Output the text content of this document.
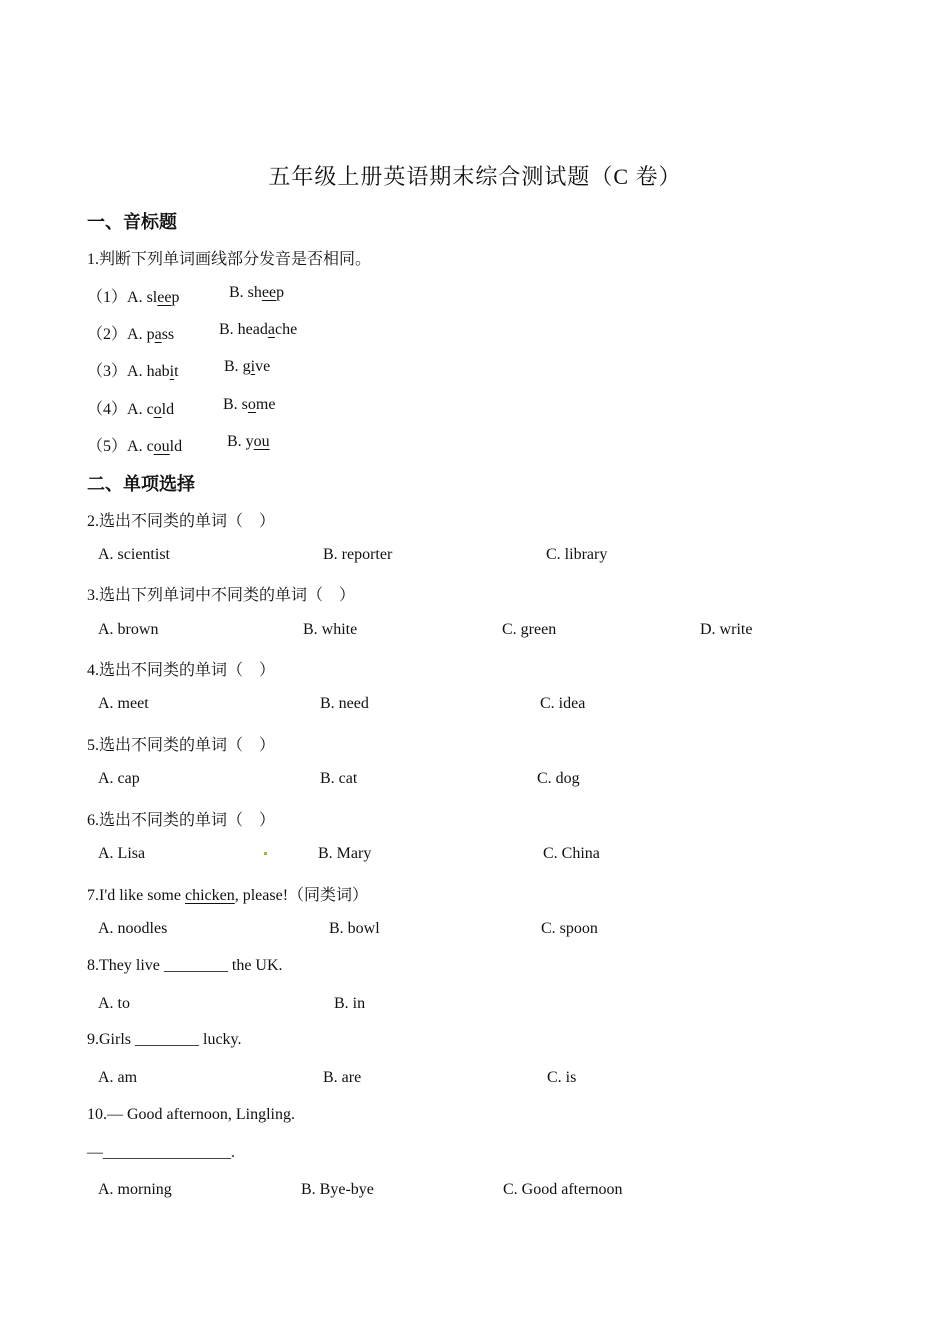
五年级上册英语期末综合测试题（C 卷）
一、音标题
1.判断下列单词画线部分发音是否相同。
（1）A. sleep	B. sheep
（2）A. pass	B. headache
（3）A. habit	B. give
（4）A. cold	B. some
（5）A. could	B. you
二、单项选择
2.选出不同类的单词（　）
A. scientist	B. reporter	C. library
3.选出下列单词中不同类的单词（　）
A. brown	B. white	C. green	D. write
4.选出不同类的单词（　）
A. meet	B. need	C. idea
5.选出不同类的单词（　）
A. cap	B. cat	C. dog
6.选出不同类的单词（　）
A. Lisa	B. Mary	C. China
7.I'd like some chicken, please!（同类词）
A. noodles	B. bowl	C. spoon
8.They live ________ the UK.
A. to	B. in
9.Girls ________ lucky.
A. am	B. are	C. is
10.— Good afternoon, Lingling.
—________________.
A. morning	B. Bye-bye	C. Good afternoon
